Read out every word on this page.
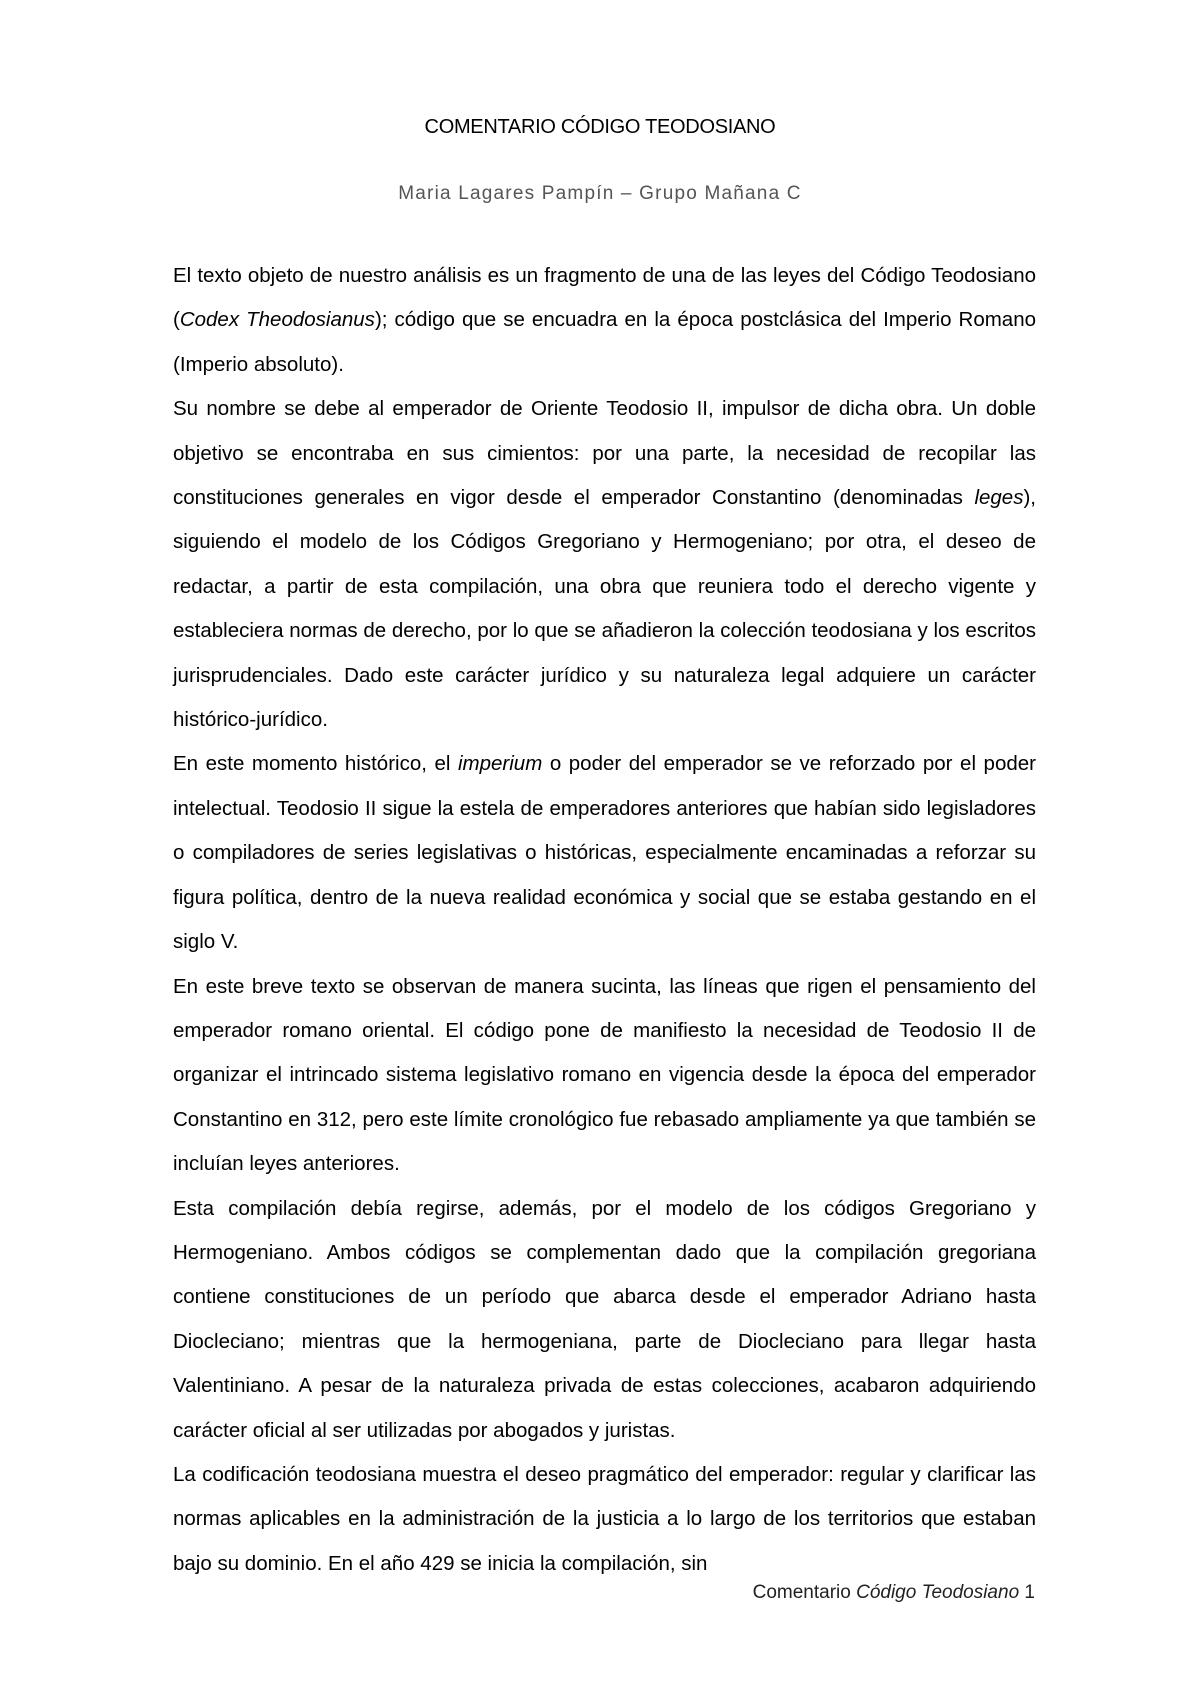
COMENTARIO CÓDIGO TEODOSIANO
Maria Lagares Pampín – Grupo Mañana C

El texto objeto de nuestro análisis es un fragmento de una de las leyes del Código Teodosiano (Codex Theodosianus); código que se encuadra en la época postclásica del Imperio Romano (Imperio absoluto).

Su nombre se debe al emperador de Oriente Teodosio II, impulsor de dicha obra. Un doble objetivo se encontraba en sus cimientos: por una parte, la necesidad de recopilar las constituciones generales en vigor desde el emperador Constantino (denominadas leges), siguiendo el modelo de los Códigos Gregoriano y Hermogeniano; por otra, el deseo de redactar, a partir de esta compilación, una obra que reuniera todo el derecho vigente y estableciera normas de derecho, por lo que se añadieron la colección teodosiana y los escritos jurisprudenciales. Dado este carácter jurídico y su naturaleza legal adquiere un carácter histórico-jurídico.

En este momento histórico, el imperium o poder del emperador se ve reforzado por el poder intelectual. Teodosio II sigue la estela de emperadores anteriores que habían sido legisladores o compiladores de series legislativas o históricas, especialmente encaminadas a reforzar su figura política, dentro de la nueva realidad económica y social que se estaba gestando en el siglo V.

En este breve texto se observan de manera sucinta, las líneas que rigen el pensamiento del emperador romano oriental. El código pone de manifiesto la necesidad de Teodosio II de organizar el intrincado sistema legislativo romano en vigencia desde la época del emperador Constantino en 312, pero este límite cronológico fue rebasado ampliamente ya que también se incluían leyes anteriores.

Esta compilación debía regirse, además, por el modelo de los códigos Gregoriano y Hermogeniano. Ambos códigos se complementan dado que la compilación gregoriana contiene constituciones de un período que abarca desde el emperador Adriano hasta Diocleciano; mientras que la hermogeniana, parte de Diocleciano para llegar hasta Valentiniano. A pesar de la naturaleza privada de estas colecciones, acabaron adquiriendo carácter oficial al ser utilizadas por abogados y juristas.

La codificación teodosiana muestra el deseo pragmático del emperador: regular y clarificar las normas aplicables en la administración de la justicia a lo largo de los territorios que estaban bajo su dominio. En el año 429 se inicia la compilación, sin

Comentario Código Teodosiano 1
